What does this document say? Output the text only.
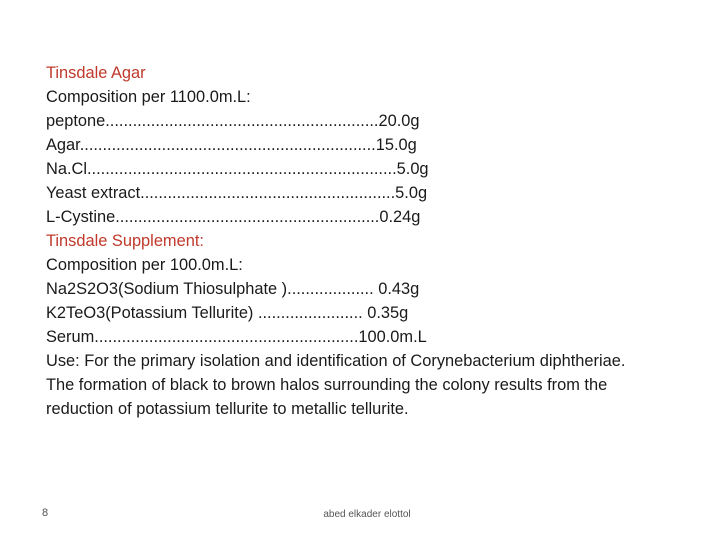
Tinsdale Agar
Composition per 1100.0m.L:
peptone............................................................20.0g
Agar.................................................................15.0g
Na.Cl....................................................................5.0g
Yeast extract........................................................5.0g
L-Cystine..........................................................0.24g
Tinsdale Supplement:
Composition per 100.0m.L:
Na2S2O3(Sodium Thiosulphate )................... 0.43g
K2TeO3(Potassium Tellurite) ....................... 0.35g
Serum..........................................................100.0m.L
Use: For the primary isolation and identification of Corynebacterium diphtheriae.
The formation of black to brown halos surrounding the colony results from the reduction of potassium tellurite to metallic tellurite.
8	abed elkader elottol
